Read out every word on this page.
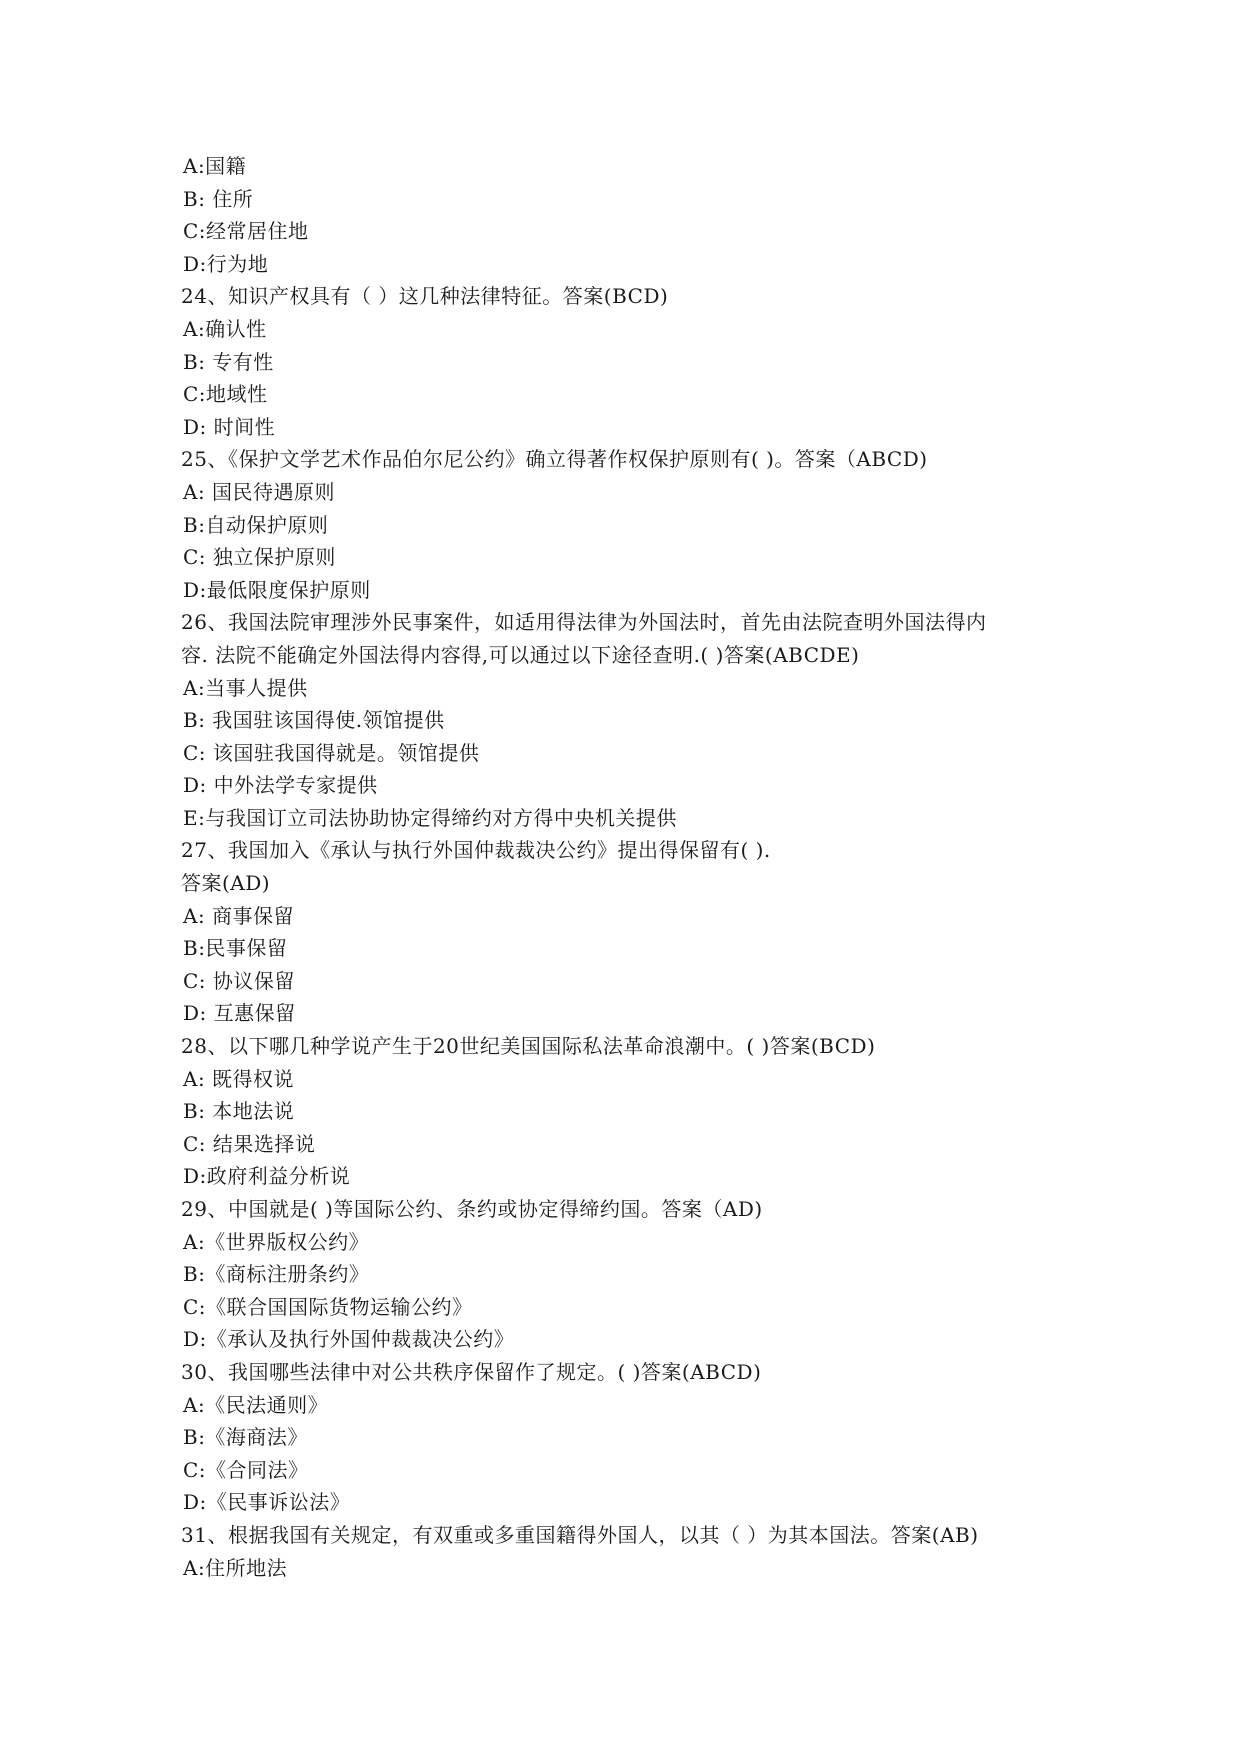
A:国籍
B: 住所
C:经常居住地
D:行为地
24、知识产权具有（ ）这几种法律特征。答案(BCD)
A:确认性
B: 专有性
C:地域性
D: 时间性
25、《保护文学艺术作品伯尔尼公约》确立得著作权保护原则有( )。答案（ABCD)
A: 国民待遇原则
B:自动保护原则
C: 独立保护原则
D:最低限度保护原则
26、我国法院审理涉外民事案件，如适用得法律为外国法时，首先由法院查明外国法得内
容. 法院不能确定外国法得内容得,可以通过以下途径查明.( )答案(ABCDE)
A:当事人提供
B: 我国驻该国得使.领馆提供
C: 该国驻我国得就是。领馆提供
D: 中外法学专家提供
E:与我国订立司法协助协定得缔约对方得中央机关提供
27、我国加入《承认与执行外国仲裁裁决公约》提出得保留有( ).
答案(AD)
A: 商事保留
B:民事保留
C: 协议保留
D: 互惠保留
28、以下哪几种学说产生于20世纪美国国际私法革命浪潮中。( )答案(BCD)
A: 既得权说
B: 本地法说
C: 结果选择说
D:政府利益分析说
29、中国就是( )等国际公约、条约或协定得缔约国。答案（AD)
A:《世界版权公约》
B:《商标注册条约》
C:《联合国国际货物运输公约》
D:《承认及执行外国仲裁裁决公约》
30、我国哪些法律中对公共秩序保留作了规定。( )答案(ABCD)
A:《民法通则》
B:《海商法》
C:《合同法》
D:《民事诉讼法》
31、根据我国有关规定，有双重或多重国籍得外国人，以其（ ）为其本国法。答案(AB)
A:住所地法
